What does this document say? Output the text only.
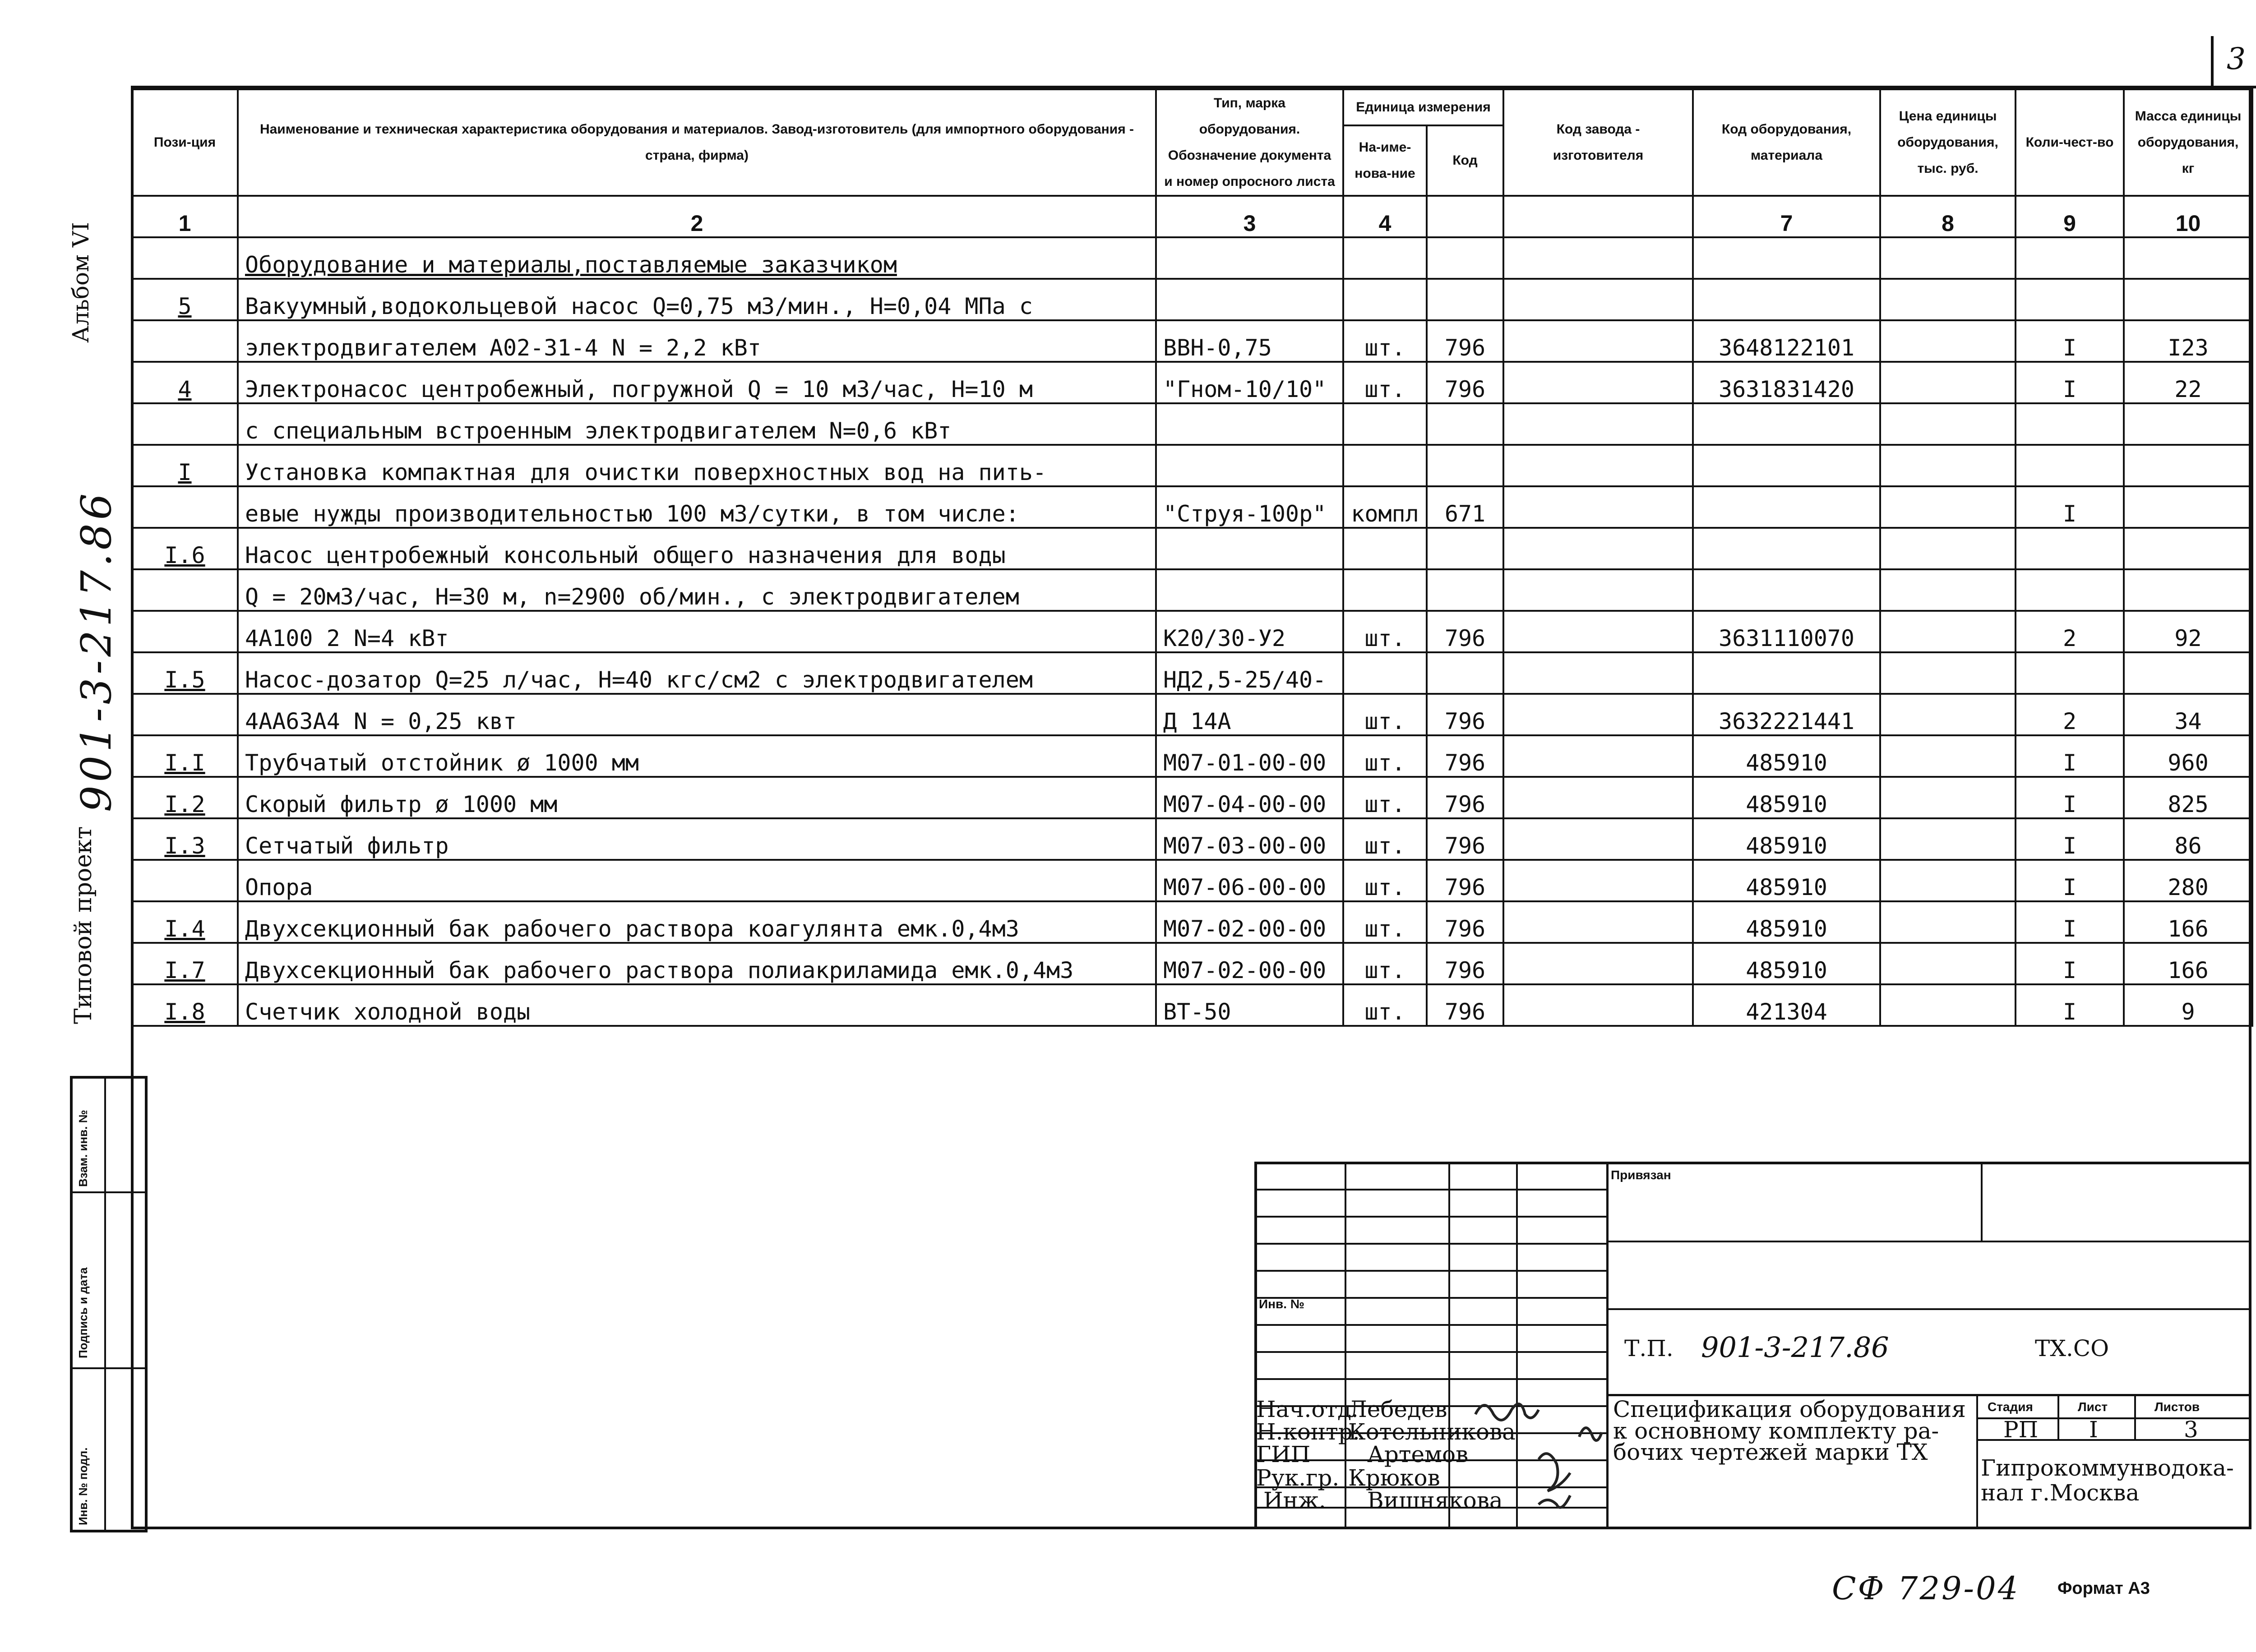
3
Альбом VI
901-3-217.86
Типовой проект
Инв. № подл.
Подпись и дата
Взам. инв. №
Пози-ция	Наименование и техническая характеристика оборудования и материалов. Завод-изготовитель (для импортного оборудования - страна, фирма)	Тип, марка оборудования. Обозначение документа и номер опросного листа	Единица измерения		Код завода - изготовителя	Код оборудования, материала	Цена единицы оборудования, тыс. руб.	Коли-чест-во	Масса единицы оборудования, кг
			На-име-нова-ние	Код					
1	2	3	4			7	8	9	10
	Оборудование и материалы,поставляемые заказчиком								
5	Вакуумный,водокольцевой насос Q=0,75 м3/мин., Н=0,04 МПа с								
	электродвигателем А02-31-4 N = 2,2 кВт	ВВН-0,75	шт.	796		3648122101		I	I23
4	Электронасос центробежный, погружной Q = 10 м3/час, Н=10 м	"Гном-10/10"	шт.	796		3631831420		I	22
	с специальным встроенным электродвигателем N=0,6 кВт								
I	Установка компактная для очистки поверхностных вод на пить-								
	евые нужды производительностью 100 м3/сутки, в том числе:	"Струя-100р"	компл	671				I	
I.6	Насос центробежный консольный общего назначения для воды								
	Q = 20м3/час, Н=30 м, n=2900 об/мин., с электродвигателем								
	4А100 2 N=4 кВт	К20/30-У2	шт.	796		3631110070		2	92
I.5	Насос-дозатор Q=25 л/час, Н=40 кгс/см2 с электродвигателем	НД2,5-25/40-							
	4АА63А4 N = 0,25 квт	Д 14А	шт.	796		3632221441		2	34
I.I	Трубчатый отстойник ø 1000 мм	М07-01-00-00	шт.	796		485910		I	960
I.2	Скорый фильтр ø 1000 мм	М07-04-00-00	шт.	796		485910		I	825
I.3	Сетчатый фильтр	М07-03-00-00	шт.	796		485910		I	86
	Опора	М07-06-00-00	шт.	796		485910		I	280
I.4	Двухсекционный бак рабочего раствора коагулянта емк.0,4м3	М07-02-00-00	шт.	796		485910		I	166
I.7	Двухсекционный бак рабочего раствора полиакриламида емк.0,4м3	М07-02-00-00	шт.	796		485910		I	166
I.8	Счетчик холодной воды	ВТ-50	шт.	796		421304		I	9
Привязан
Инв. №
Т.П. 901-3-217.86	ТХ.СО
Нач.отд.
Лебедев
Н.контр.
Котельникова
ГИП	Артемов
Рук.гр. Крюков
Инж. Вишнякова
Спецификация оборудования
к основному комплекту ра-
бочих чертежей марки ТХ
Стадия	Лист	Листов
РП I	3
Гипрокоммунводока-
нал г.Москва
СФ 729-04 Формат А3
